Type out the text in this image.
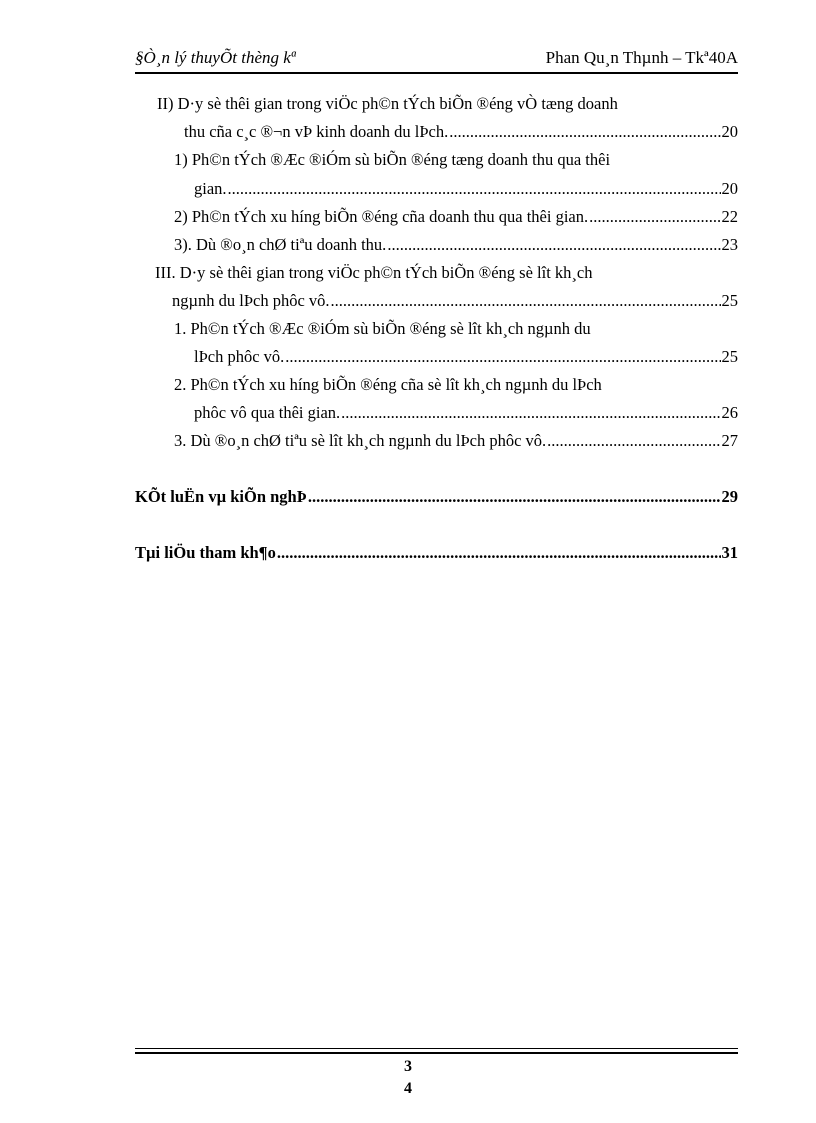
§Ò¸n lý thuyÕt thèng kª	Phan Qu¸n Thµnh – Tkª40A
II) D·y sè thêi gian trong viÖc ph©n tÝch biÕn ®éng vÒ tæng doanh
thu cña c¸c ®¬n vÞ kinh doanh du lÞch. .....	20
1) Ph©n tÝch ®Æc ®iÓm sù biÕn ®éng tæng doanh thu qua thêi
gian. .....	20
2) Ph©n tÝch xu híng biÕn ®éng cña doanh thu qua thêi gian. .....	22
3). Dù ®o¸n chØ tiªu doanh thu. .....	23
III. D·y sè thêi gian trong viÖc ph©n tÝch biÕn ®éng sè lît kh¸ch
ngµnh du lÞch phôc vô. .....	25
1. Ph©n tÝch ®Æc ®iÓm sù biÕn ®éng sè lît kh¸ch ngµnh du
lÞch phôc vô. .....	25
2. Ph©n tÝch xu híng biÕn ®éng cña sè lît kh¸ch ngµnh du lÞch
phôc vô qua thêi gian. .....	26
3. Dù ®o¸n chØ tiªu sè lît kh¸ch ngµnh du lÞch phôc vô. .....	27
KÕt luËn vµ kiÕn nghÞ .....	29
Tµi liÖu tham kh¶o .....	31
3
4
